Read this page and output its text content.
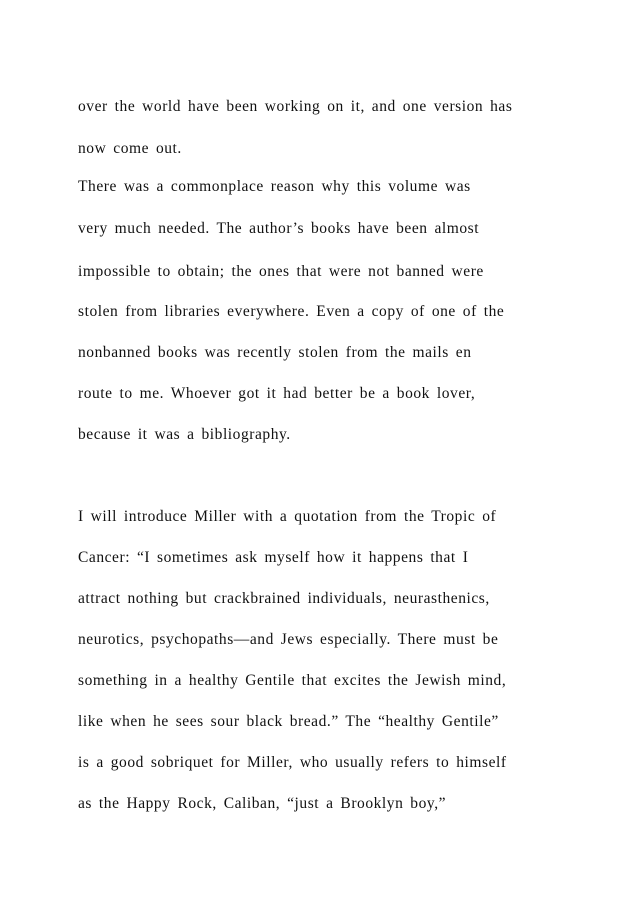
over the world have been working on it, and one version has
now come out.
There was a commonplace reason why this volume was
very much needed. The author’s books have been almost
impossible to obtain; the ones that were not banned were
stolen from libraries everywhere. Even a copy of one of the
nonbanned books was recently stolen from the mails en
route to me. Whoever got it had better be a book lover,
because it was a bibliography.
I will introduce Miller with a quotation from the Tropic of
Cancer: “I sometimes ask myself how it happens that I
attract nothing but crackbrained individuals, neurasthenics,
neurotics, psychopaths—and Jews especially. There must be
something in a healthy Gentile that excites the Jewish mind,
like when he sees sour black bread.” The “healthy Gentile”
is a good sobriquet for Miller, who usually refers to himself
as the Happy Rock, Caliban, “just a Brooklyn boy,”
